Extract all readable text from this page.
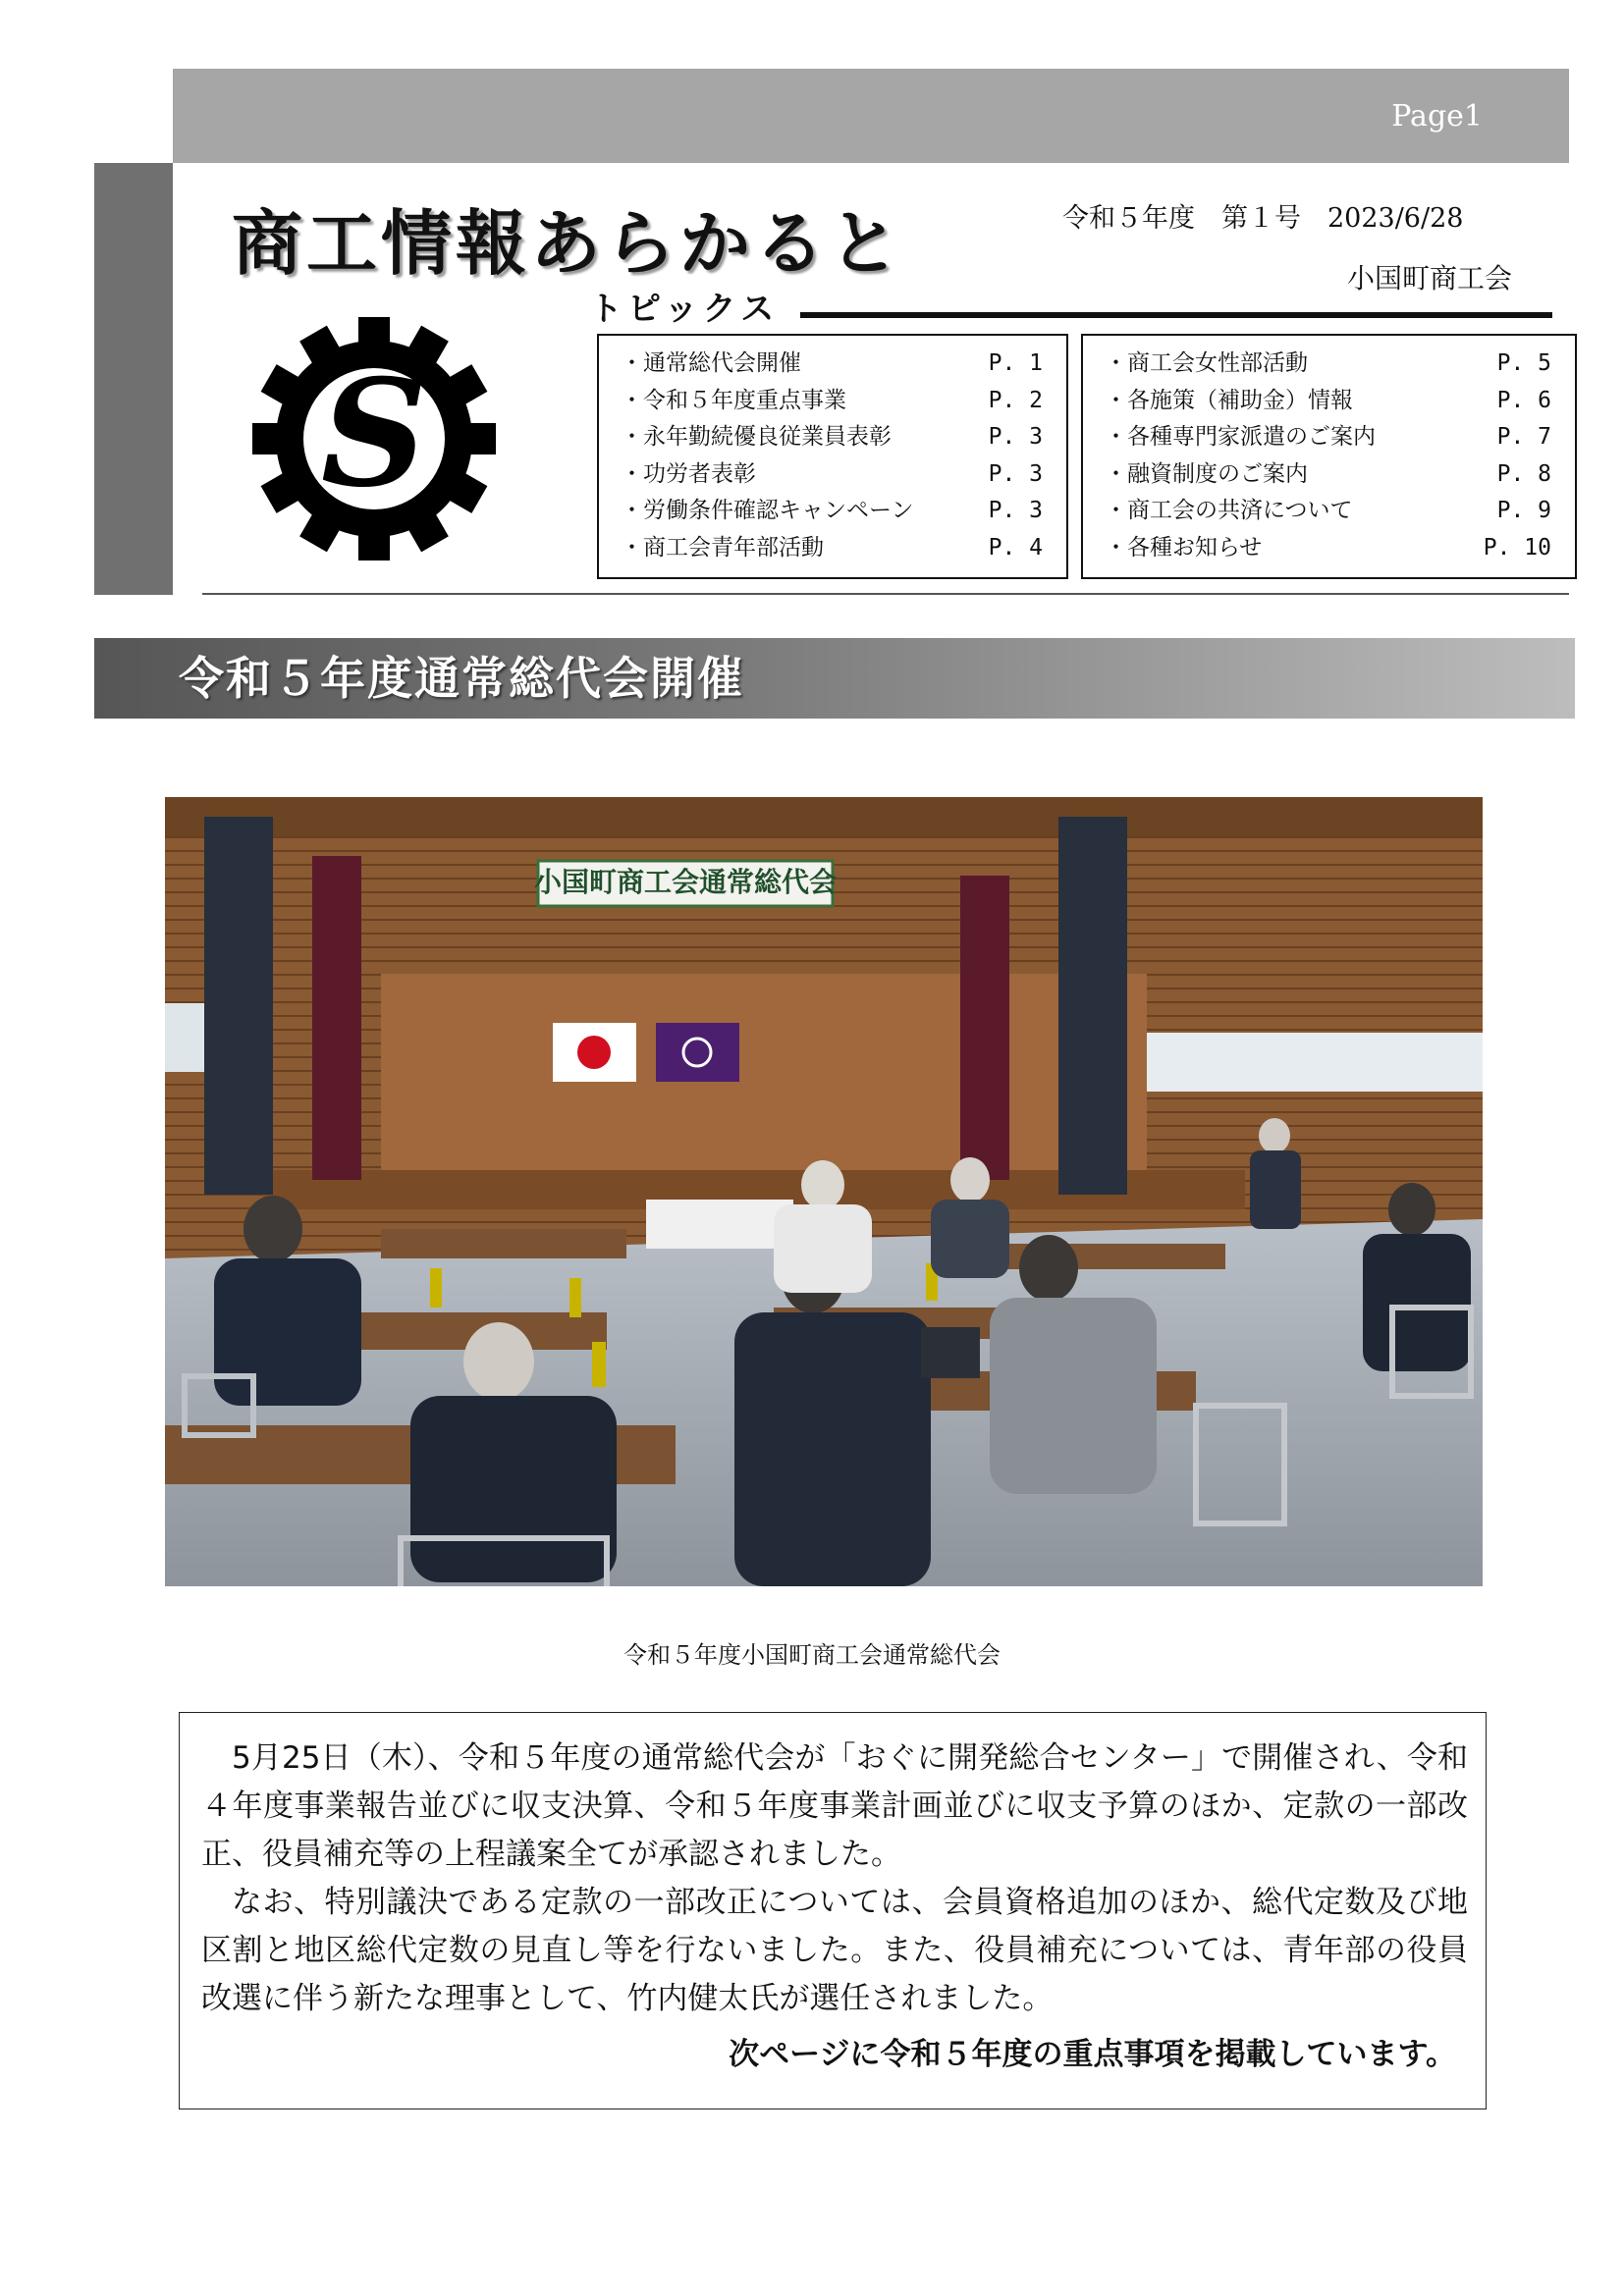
Page1
商工情報あらかると	令和５年度　第１号　2023/6/28
小国町商工会
S
トピックス
・通常総代会開催	P. 1
・令和５年度重点事業	P. 2
・永年勤続優良従業員表彰	P. 3
・功労者表彰	P. 3
・労働条件確認キャンペーン	P. 3
・商工会青年部活動	P. 4
・商工会女性部活動	P. 5
・各施策（補助金）情報	P. 6
・各種専門家派遣のご案内	P. 7
・融資制度のご案内	P. 8
・商工会の共済について	P. 9
・各種お知らせ	P. 10
令和５年度通常総代会開催
小国町商工会通常総代会
令和５年度小国町商工会通常総代会

5月25日（木）、令和５年度の通常総代会が「おぐに開発総合センター」で開催され、令和４年度事業報告並びに収支決算、令和５年度事業計画並びに収支予算のほか、定款の一部改正、役員補充等の上程議案全てが承認されました。

なお、特別議決である定款の一部改正については、会員資格追加のほか、総代定数及び地区割と地区総代定数の見直し等を行ないました。また、役員補充については、青年部の役員改選に伴う新たな理事として、竹内健太氏が選任されました。

次ページに令和５年度の重点事項を掲載しています。
